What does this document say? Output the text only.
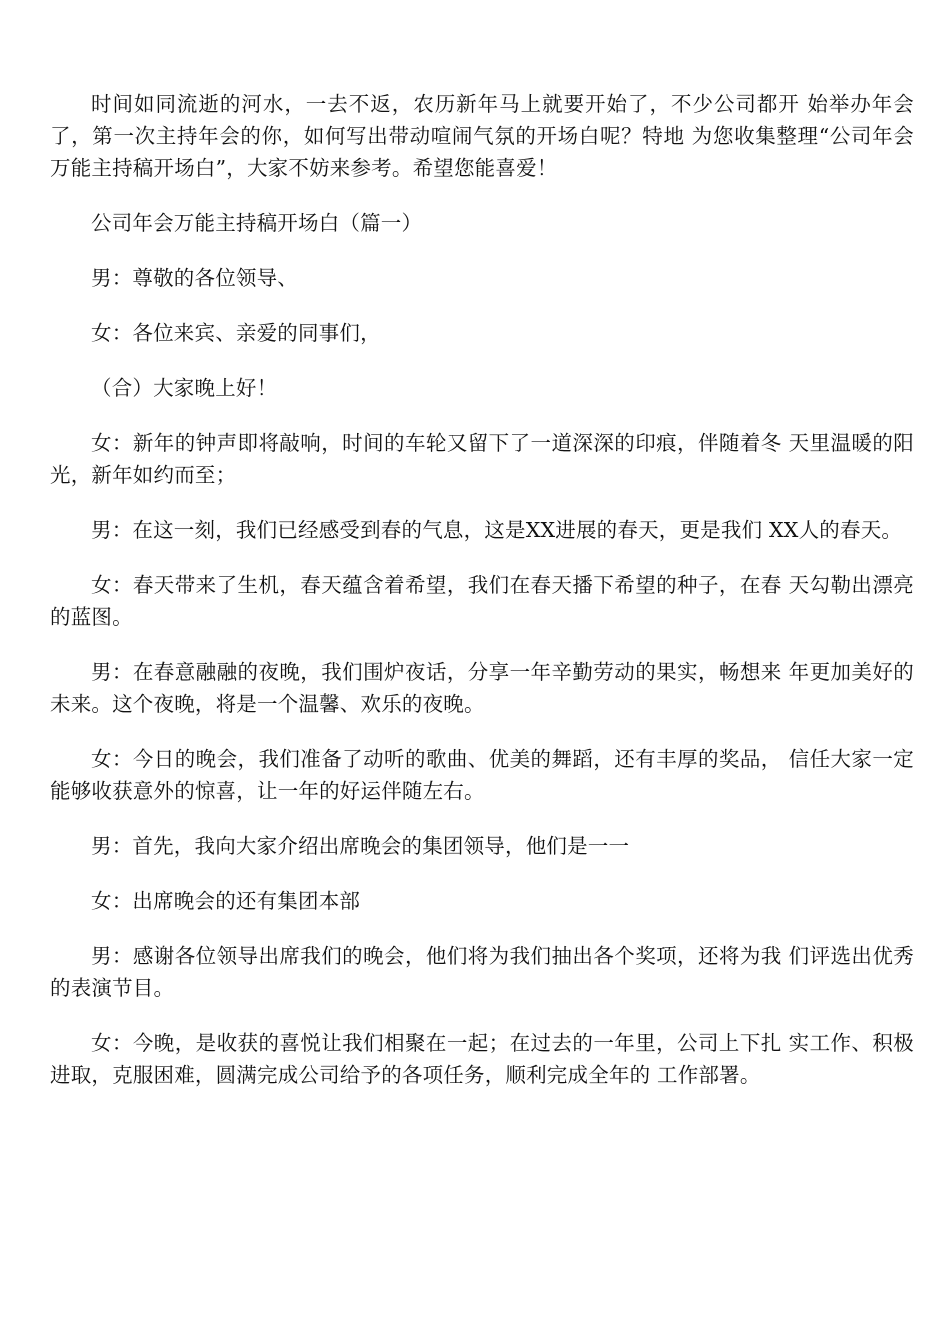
时间如同流逝的河水，一去不返，农历新年马上就要开始了，不少公司都开 始举办年会了，第一次主持年会的你，如何写出带动喧闹气氛的开场白呢？特地 为您收集整理“公司年会万能主持稿开场白”，大家不妨来参考。希望您能喜爱！

公司年会万能主持稿开场白（篇一）

男：尊敬的各位领导、

女：各位来宾、亲爱的同事们，

（合）大家晚上好！

女：新年的钟声即将敲响，时间的车轮又留下了一道深深的印痕，伴随着冬 天里温暖的阳光，新年如约而至；

男：在这一刻，我们已经感受到春的气息，这是XX进展的春天，更是我们 XX人的春天。

女：春天带来了生机，春天蕴含着希望，我们在春天播下希望的种子，在春 天勾勒出漂亮的蓝图。

男：在春意融融的夜晚，我们围炉夜话，分享一年辛勤劳动的果实，畅想来 年更加美好的未来。这个夜晚，将是一个温馨、欢乐的夜晚。

女：今日的晚会，我们准备了动听的歌曲、优美的舞蹈，还有丰厚的奖品， 信任大家一定能够收获意外的惊喜，让一年的好运伴随左右。

男：首先，我向大家介绍出席晚会的集团领导，他们是一一

女：出席晚会的还有集团本部

男：感谢各位领导出席我们的晚会，他们将为我们抽出各个奖项，还将为我 们评选出优秀的表演节目。

女：今晚，是收获的喜悦让我们相聚在一起；在过去的一年里，公司上下扎 实工作、积极进取，克服困难，圆满完成公司给予的各项任务，顺利完成全年的 工作部署。
